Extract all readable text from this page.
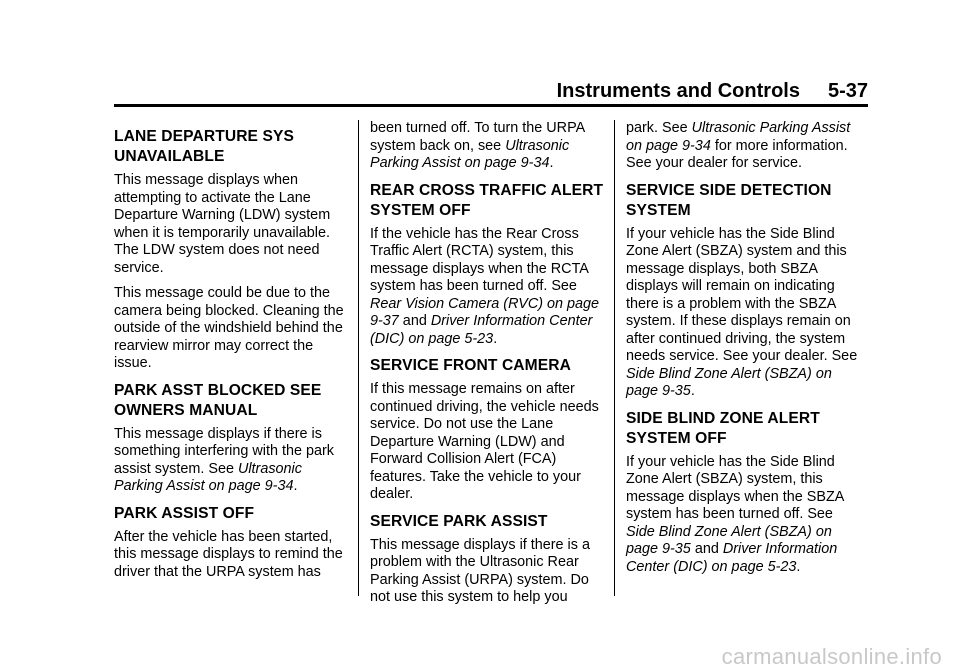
Instruments and Controls 5-37
LANE DEPARTURE SYS UNAVAILABLE

This message displays when attempting to activate the Lane Departure Warning (LDW) system when it is temporarily unavailable. The LDW system does not need service.

This message could be due to the camera being blocked. Cleaning the outside of the windshield behind the rearview mirror may correct the issue.

PARK ASST BLOCKED SEE OWNERS MANUAL

This message displays if there is something interfering with the park assist system. See Ultrasonic Parking Assist on page 9-34.

PARK ASSIST OFF

After the vehicle has been started, this message displays to remind the driver that the URPA system has

been turned off. To turn the URPA system back on, see Ultrasonic Parking Assist on page 9-34.

REAR CROSS TRAFFIC ALERT SYSTEM OFF

If the vehicle has the Rear Cross Traffic Alert (RCTA) system, this message displays when the RCTA system has been turned off. See Rear Vision Camera (RVC) on page 9-37 and Driver Information Center (DIC) on page 5-23.

SERVICE FRONT CAMERA

If this message remains on after continued driving, the vehicle needs service. Do not use the Lane Departure Warning (LDW) and Forward Collision Alert (FCA) features. Take the vehicle to your dealer.

SERVICE PARK ASSIST

This message displays if there is a problem with the Ultrasonic Rear Parking Assist (URPA) system. Do not use this system to help you

park. See Ultrasonic Parking Assist on page 9-34 for more information. See your dealer for service.

SERVICE SIDE DETECTION SYSTEM

If your vehicle has the Side Blind Zone Alert (SBZA) system and this message displays, both SBZA displays will remain on indicating there is a problem with the SBZA system. If these displays remain on after continued driving, the system needs service. See your dealer. See Side Blind Zone Alert (SBZA) on page 9-35.

SIDE BLIND ZONE ALERT SYSTEM OFF

If your vehicle has the Side Blind Zone Alert (SBZA) system, this message displays when the SBZA system has been turned off. See Side Blind Zone Alert (SBZA) on page 9-35 and Driver Information Center (DIC) on page 5-23.

carmanualsonline.info
